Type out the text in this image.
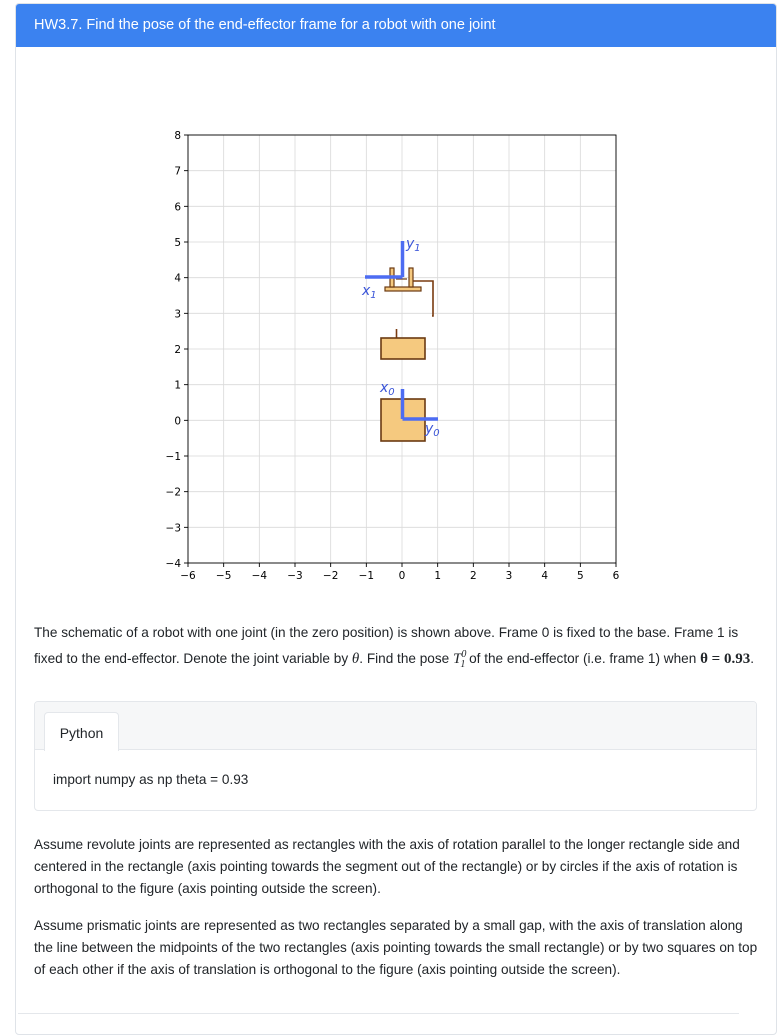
HW3.7. Find the pose of the end-effector frame for a robot with one joint
−6
8
−5
7
−4
6
−3
5
−2
4
−1
3
0
2
1
1
2
0
3
−1
4
−2
5
−3
6
−4
$x_0$
$y_0$
$x_1$
$y_1$

The schematic of a robot with one joint (in the zero position) is shown above. Frame 0 is fixed to the base. Frame 1 is fixed to the end-effector. Denote the joint variable by θ. Find the pose $T^0_1$ of the end-effector (i.e. frame 1) when θ = 0.93.

Python
import numpy as np theta = 0.93

Assume revolute joints are represented as rectangles with the axis of rotation parallel to the longer rectangle side and centered in the rectangle (axis pointing towards the segment out of the rectangle) or by circles if the axis of rotation is orthogonal to the figure (axis pointing outside the screen).

Assume prismatic joints are represented as two rectangles separated by a small gap, with the axis of translation along the line between the midpoints of the two rectangles (axis pointing towards the small rectangle) or by two squares on top of each other if the axis of translation is orthogonal to the figure (axis pointing outside the screen).
